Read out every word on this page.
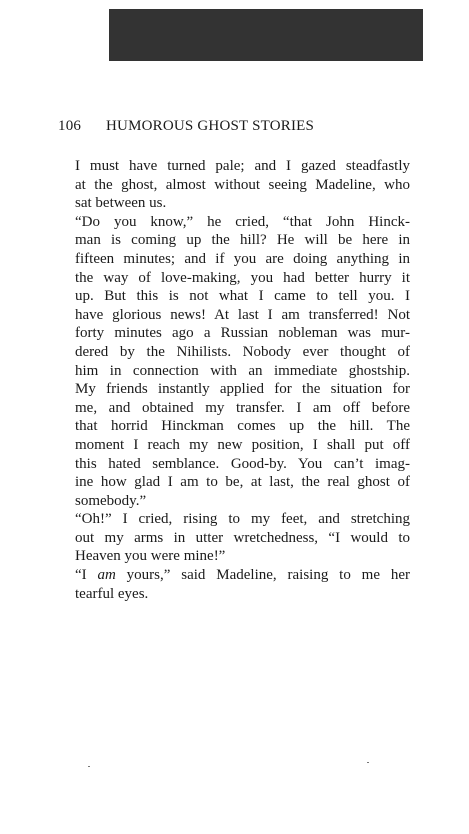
106 HUMOROUS GHOST STORIES

I must have turned pale; and I gazed steadfastly
at the ghost, almost without seeing Madeline, who
sat between us.

“Do you know,” he cried, “that John Hinck-
man is coming up the hill? He will be here in
fifteen minutes; and if you are doing anything in
the way of love-making, you had better hurry it
up. But this is not what I came to tell you. I
have glorious news! At last I am transferred! Not
forty minutes ago a Russian nobleman was mur-
dered by the Nihilists. Nobody ever thought of
him in connection with an immediate ghostship.
My friends instantly applied for the situation for
me, and obtained my transfer. I am off before
that horrid Hinckman comes up the hill. The
moment I reach my new position, I shall put off
this hated semblance. Good-by. You can’t imag-
ine how glad I am to be, at last, the real ghost of
somebody.”

“Oh!” I cried, rising to my feet, and stretching
out my arms in utter wretchedness, “I would to
Heaven you were mine!”

“I am yours,” said Madeline, raising to me her
tearful eyes.
